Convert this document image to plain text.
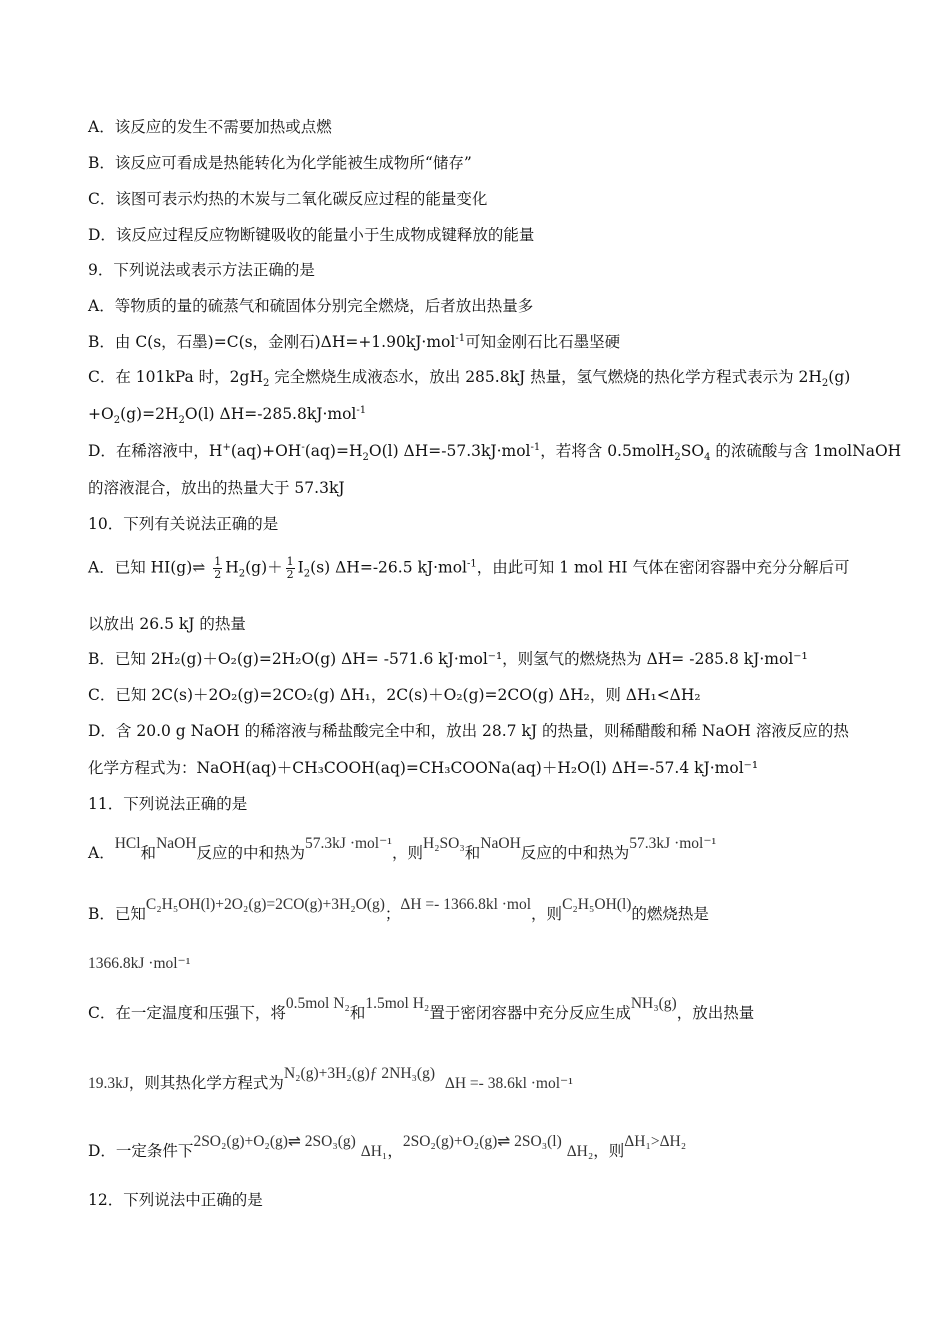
A．该反应的发生不需要加热或点燃
B．该反应可看成是热能转化为化学能被生成物所“储存”
C．该图可表示灼热的木炭与二氧化碳反应过程的能量变化
D．该反应过程反应物断键吸收的能量小于生成物成键释放的能量
9．下列说法或表示方法正确的是
A．等物质的量的硫蒸气和硫固体分别完全燃烧，后者放出热量多
B．由 C(s，石墨)=C(s，金刚石)ΔH=+1.90kJ·mol$^{-1}$可知金刚石比石墨坚硬
C．在 101kPa 时，$2gH_2$ 完全燃烧生成液态水，放出 285.8kJ 热量，氢气燃烧的热化学方程式表示为 $2H_2(g)$
$+O_2(g)=2H_2O(l)$ ΔH=-285.8kJ·mol$^{-1}$
D．在稀溶液中，$H^+(aq)+OH^-(aq)=H_2O(l)$ ΔH=-57.3kJ·mol$^{-1}$，若将含 $0.5molH_2SO_4$ 的浓硫酸与含 1molNaOH
的溶液混合，放出的热量大于 57.3kJ
10．下列有关说法正确的是
A．已知 HI(g)⇌ $\frac{1}{2} H_2(g)+ \frac{1}{2} I_2(s)$ ΔH=-26.5 kJ·mol$^{-1}$，由此可知 1 mol HI 气体在密闭容器中充分分解后可
以放出 26.5 kJ 的热量
B．已知 2H₂(g)＋O₂(g)=2H₂O(g) ΔH= -571.6 kJ·mol⁻¹，则氢气的燃烧热为 ΔH= -285.8 kJ·mol⁻¹
C．已知 2C(s)＋2O₂(g)=2CO₂(g) ΔH₁，2C(s)＋O₂(g)=2CO(g) ΔH₂，则 ΔH₁<ΔH₂
D．含 20.0 g NaOH 的稀溶液与稀盐酸完全中和，放出 28.7 kJ 的热量，则稀醋酸和稀 NaOH 溶液反应的热
化学方程式为：NaOH(aq)＋CH₃COOH(aq)=CH₃COONa(aq)＋H₂O(l) ΔH=-57.4 kJ·mol⁻¹
11．下列说法正确的是
A．HCl和NaOH反应的中和热为57.3kJ ·mol⁻¹，则H₂SO₃和NaOH反应的中和热为57.3kJ ·mol⁻¹
B．已知C₂H₅OH(l)+2O₂(g)=2CO(g)+3H₂O(g)；ΔH =- 1366.8kl ·mol，则C₂H₅OH(l)的燃烧热是
1366.8kJ ·mol⁻¹
C．在一定温度和压强下，将0.5mol N₂和1.5mol H₂置于密闭容器中充分反应生成NH₃(g)，放出热量
19.3kJ，则其热化学方程式为N₂(g)+3H₂(g)ƒ 2NH₃(g)  ΔH =- 38.6kl ·mol⁻¹
D．一定条件下2SO₂(g)+O₂(g)⇌ 2SO₃(g) ΔH₁，2SO₂(g)+O₂(g)⇌ 2SO₃(l) ΔH₂，则ΔH₁>ΔH₂
12．下列说法中正确的是
